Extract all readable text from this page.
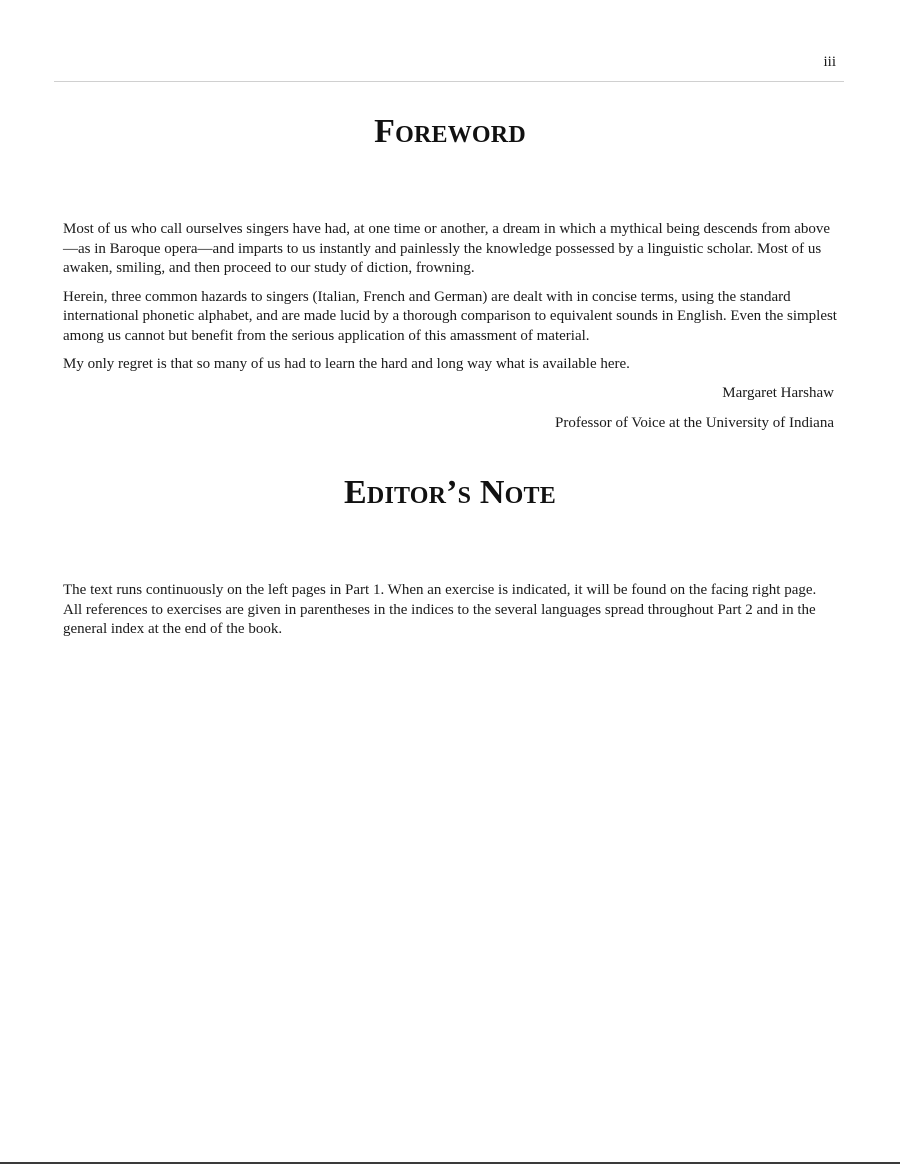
iii
Foreword

Most of us who call ourselves singers have had, at one time or another, a dream in which a mythical being descends from above—as in Baroque opera—and imparts to us instantly and painlessly the knowledge possessed by a linguistic scholar. Most of us awaken, smiling, and then proceed to our study of diction, frowning.

Herein, three common hazards to singers (Italian, French and German) are dealt with in concise terms, using the standard international phonetic alphabet, and are made lucid by a thorough comparison to equivalent sounds in English. Even the simplest among us cannot but benefit from the serious application of this amassment of material.

My only regret is that so many of us had to learn the hard and long way what is available here.

Margaret Harshaw
Professor of Voice at the University of Indiana
Editor’s Note

The text runs continuously on the left pages in Part 1. When an exercise is indicated, it will be found on the facing right page. All references to exercises are given in parentheses in the indices to the several languages spread throughout Part 2 and in the general index at the end of the book.
